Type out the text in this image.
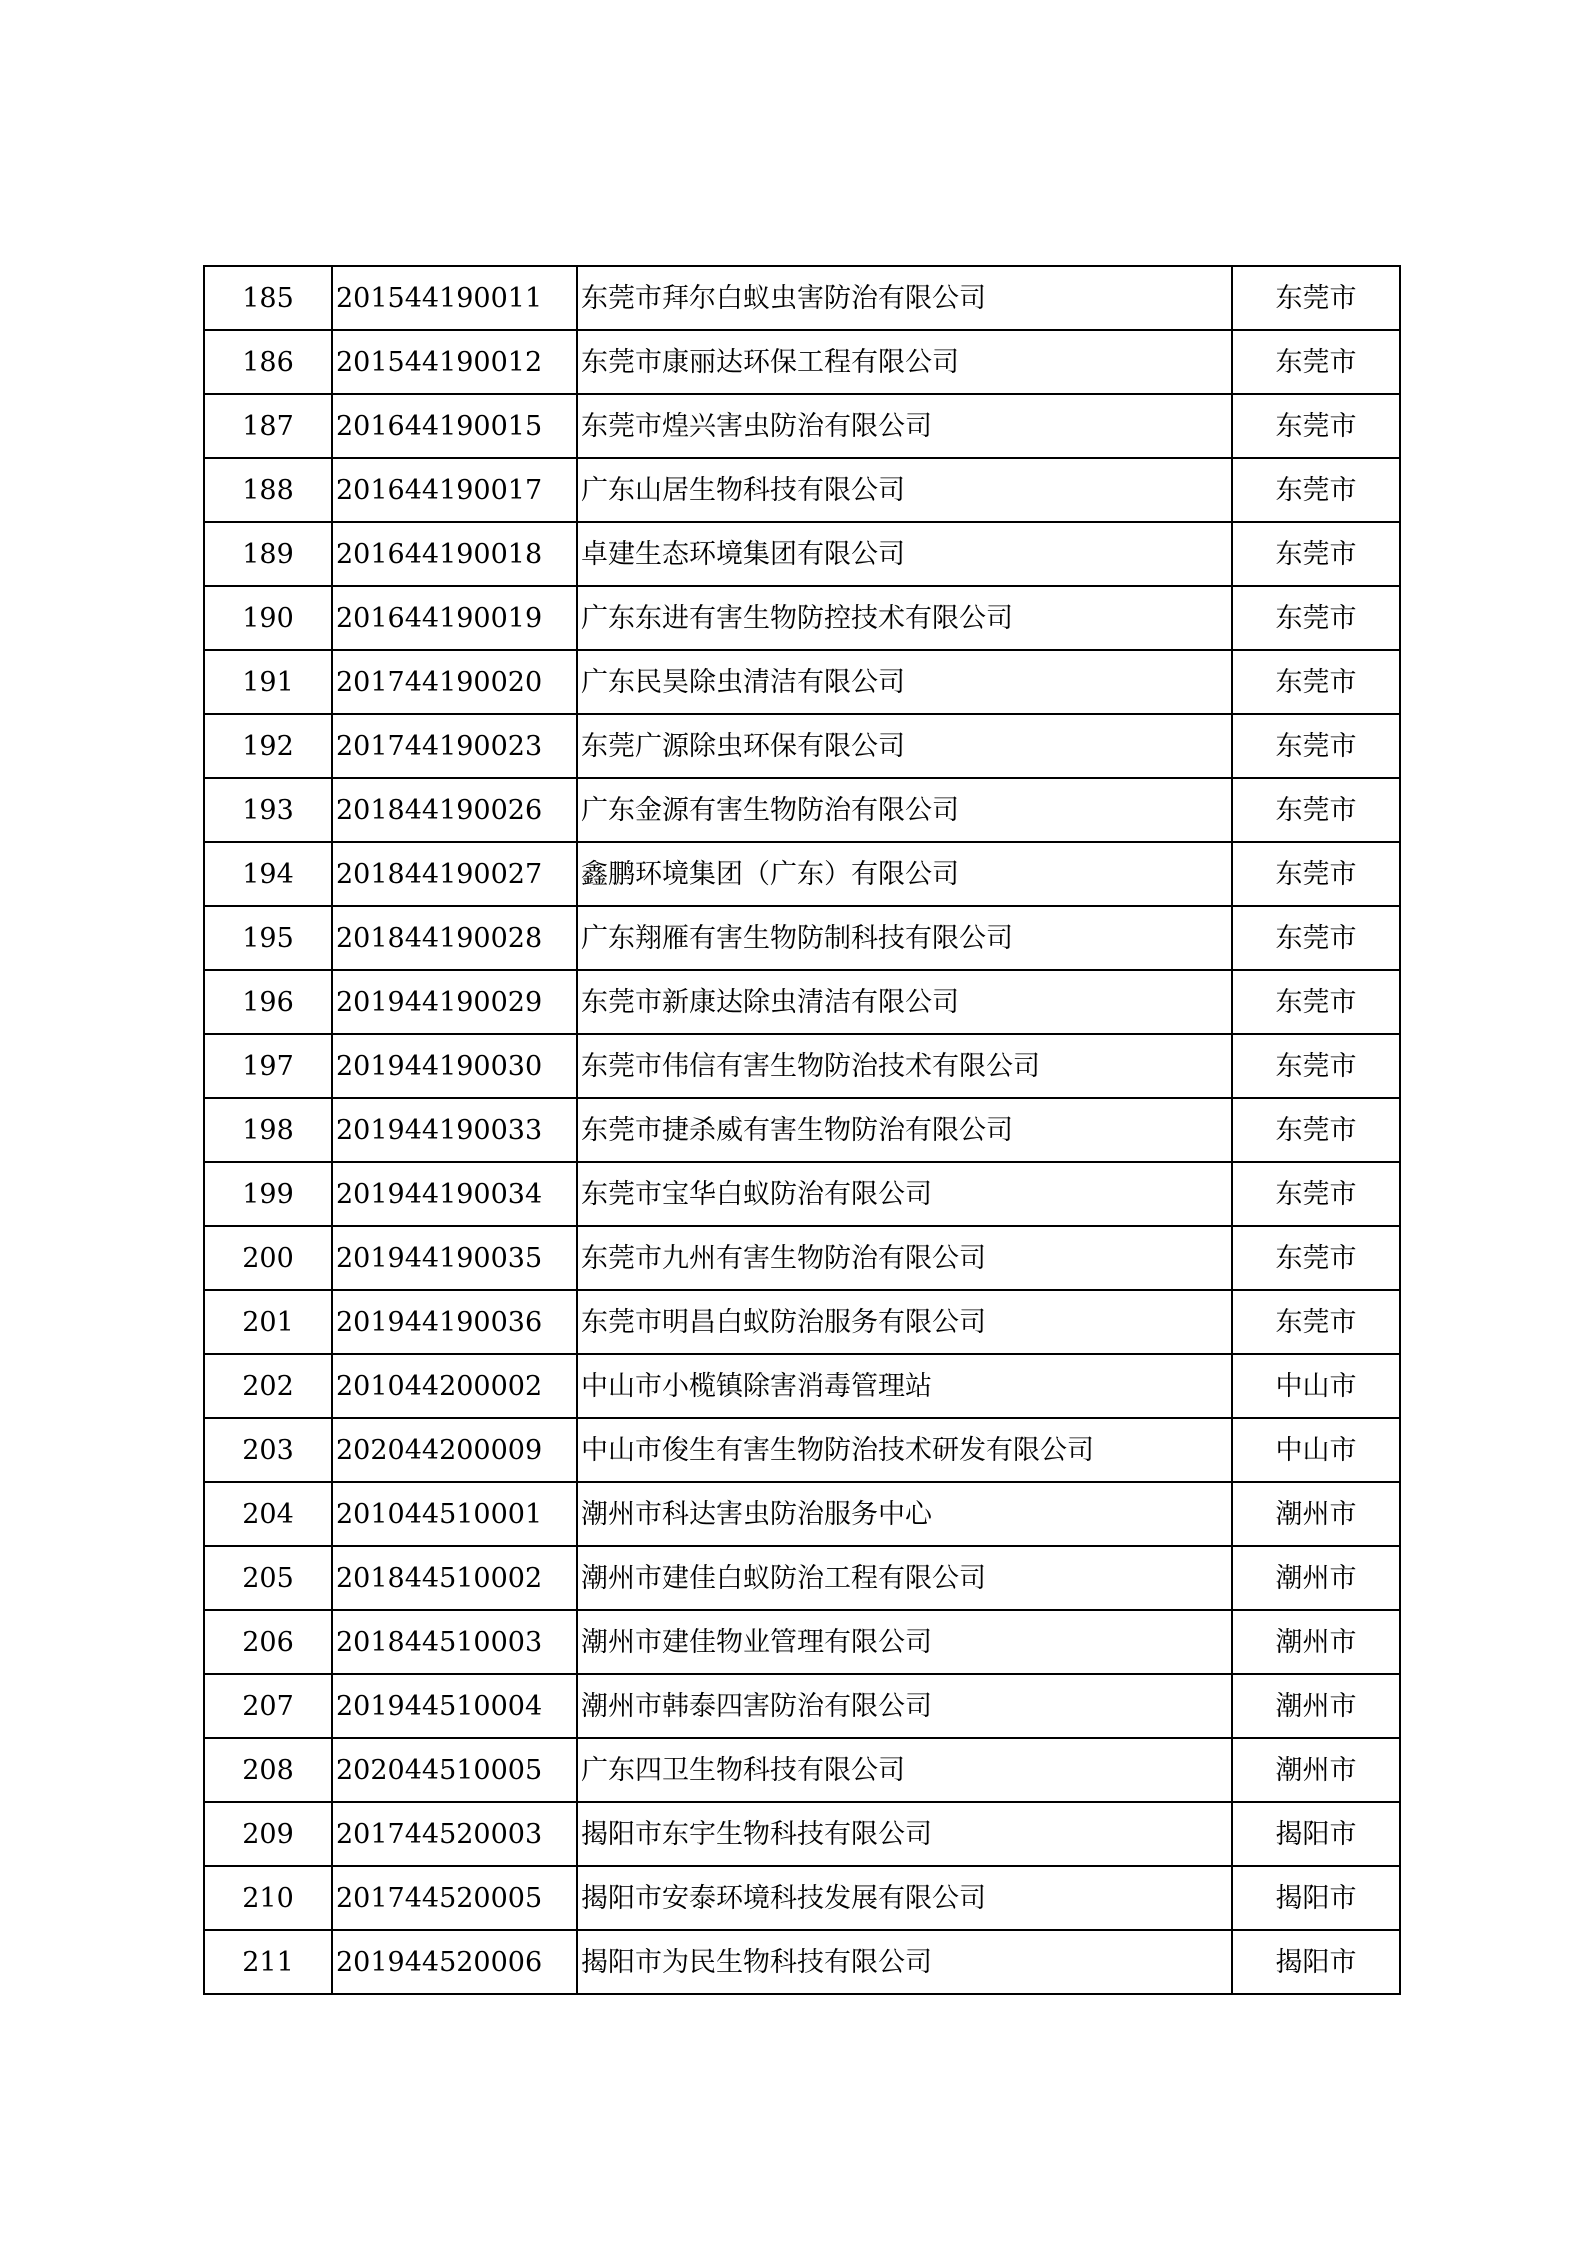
185	201544190011	东莞市拜尔白蚁虫害防治有限公司	东莞市
186	201544190012	东莞市康丽达环保工程有限公司	东莞市
187	201644190015	东莞市煌兴害虫防治有限公司	东莞市
188	201644190017	广东山居生物科技有限公司	东莞市
189	201644190018	卓建生态环境集团有限公司	东莞市
190	201644190019	广东东进有害生物防控技术有限公司	东莞市
191	201744190020	广东民昊除虫清洁有限公司	东莞市
192	201744190023	东莞广源除虫环保有限公司	东莞市
193	201844190026	广东金源有害生物防治有限公司	东莞市
194	201844190027	鑫鹏环境集团（广东）有限公司	东莞市
195	201844190028	广东翔雁有害生物防制科技有限公司	东莞市
196	201944190029	东莞市新康达除虫清洁有限公司	东莞市
197	201944190030	东莞市伟信有害生物防治技术有限公司	东莞市
198	201944190033	东莞市捷杀威有害生物防治有限公司	东莞市
199	201944190034	东莞市宝华白蚁防治有限公司	东莞市
200	201944190035	东莞市九州有害生物防治有限公司	东莞市
201	201944190036	东莞市明昌白蚁防治服务有限公司	东莞市
202	201044200002	中山市小榄镇除害消毒管理站	中山市
203	202044200009	中山市俊生有害生物防治技术研发有限公司	中山市
204	201044510001	潮州市科达害虫防治服务中心	潮州市
205	201844510002	潮州市建佳白蚁防治工程有限公司	潮州市
206	201844510003	潮州市建佳物业管理有限公司	潮州市
207	201944510004	潮州市韩泰四害防治有限公司	潮州市
208	202044510005	广东四卫生物科技有限公司	潮州市
209	201744520003	揭阳市东宇生物科技有限公司	揭阳市
210	201744520005	揭阳市安泰环境科技发展有限公司	揭阳市
211	201944520006	揭阳市为民生物科技有限公司	揭阳市
